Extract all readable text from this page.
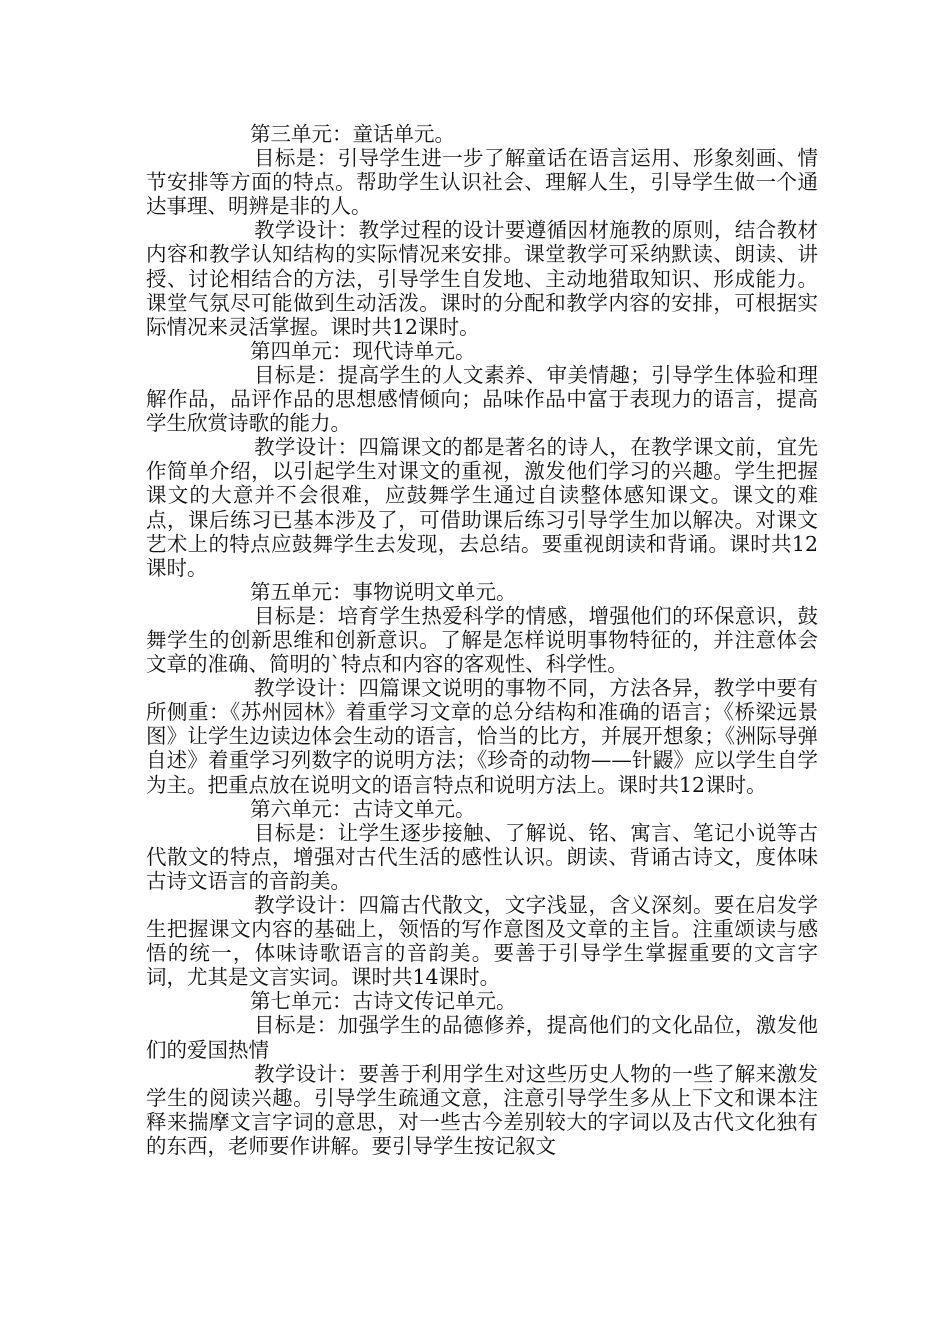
第三单元：童话单元。

目标是：引导学生进一步了解童话在语言运用、形象刻画、情节安排等方面的特点。帮助学生认识社会、理解人生，引导学生做一个通达事理、明辨是非的人。

教学设计：教学过程的设计要遵循因材施教的原则，结合教材内容和教学认知结构的实际情况来安排。课堂教学可采纳默读、朗读、讲授、讨论相结合的方法，引导学生自发地、主动地猎取知识、形成能力。课堂气氛尽可能做到生动活泼。课时的分配和教学内容的安排，可根据实际情况来灵活掌握。课时共12课时。

第四单元：现代诗单元。

目标是：提高学生的人文素养、审美情趣；引导学生体验和理解作品，品评作品的思想感情倾向；品味作品中富于表现力的语言，提高学生欣赏诗歌的能力。

教学设计：四篇课文的都是著名的诗人，在教学课文前，宜先作简单介绍，以引起学生对课文的重视，激发他们学习的兴趣。学生把握课文的大意并不会很难，应鼓舞学生通过自读整体感知课文。课文的难点，课后练习已基本涉及了，可借助课后练习引导学生加以解决。对课文艺术上的特点应鼓舞学生去发现，去总结。要重视朗读和背诵。课时共12课时。

第五单元：事物说明文单元。

目标是：培育学生热爱科学的情感，增强他们的环保意识，鼓舞学生的创新思维和创新意识。了解是怎样说明事物特征的，并注意体会文章的准确、简明的`特点和内容的客观性、科学性。

教学设计：四篇课文说明的事物不同，方法各异，教学中要有所侧重：《苏州园林》着重学习文章的总分结构和准确的语言；《桥梁远景图》让学生边读边体会生动的语言，恰当的比方，并展开想象；《洲际导弹自述》着重学习列数字的说明方法；《珍奇的动物——针鼹》应以学生自学为主。把重点放在说明文的语言特点和说明方法上。课时共12课时。

第六单元：古诗文单元。

目标是：让学生逐步接触、了解说、铭、寓言、笔记小说等古代散文的特点，增强对古代生活的感性认识。朗读、背诵古诗文，度体味古诗文语言的音韵美。

教学设计：四篇古代散文，文字浅显，含义深刻。要在启发学生把握课文内容的基础上，领悟的写作意图及文章的主旨。注重颂读与感悟的统一，体味诗歌语言的音韵美。要善于引导学生掌握重要的文言字词，尤其是文言实词。课时共14课时。

第七单元：古诗文传记单元。

目标是：加强学生的品德修养，提高他们的文化品位，激发他们的爱国热情

教学设计：要善于利用学生对这些历史人物的一些了解来激发学生的阅读兴趣。引导学生疏通文意，注意引导学生多从上下文和课本注释来揣摩文言字词的意思，对一些古今差别较大的字词以及古代文化独有的东西，老师要作讲解。要引导学生按记叙文
